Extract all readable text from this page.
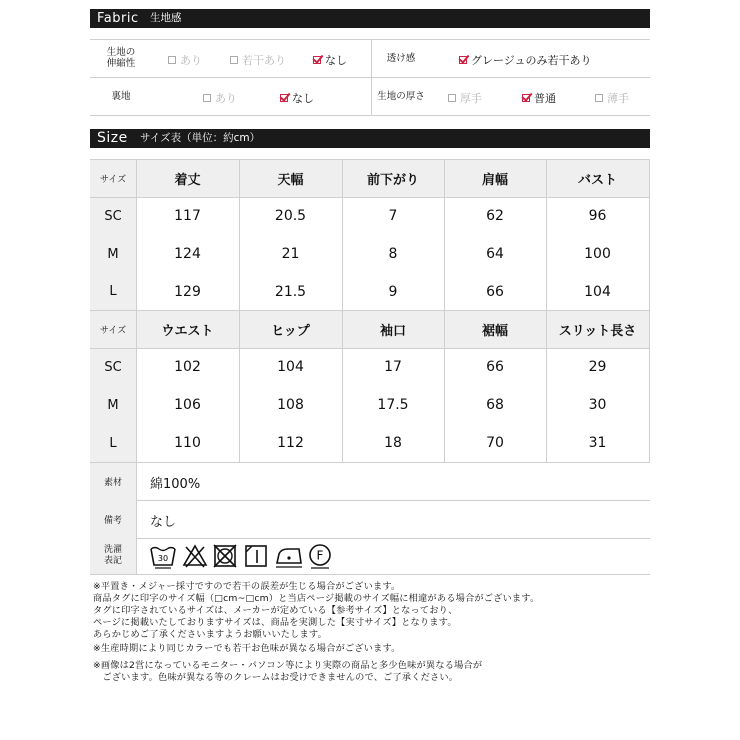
Fabric 生地感
生地の
伸縮性	あり	若干あり	なし	透け感	グレージュのみ若干あり
裏地	あり	なし	生地の厚さ	厚手	普通	薄手
Size サイズ表（単位：約cm）
サイズ	着丈	天幅	前下がり	肩幅	バスト
SC	117	20.5	7	62	96
M	124	21	8	64	100
L	129	21.5	9	66	104
サイズ	ウエスト	ヒップ	袖口	裾幅	スリット長さ
SC	102	104	17	66	29
M	106	108	17.5	68	30
L	110	112	18	70	31
素材	綿100%
備考	なし
洗濯
表記	30	F
※平置き・メジャー採寸ですので若干の誤差が生じる場合がございます。
商品タグに印字のサイズ幅（□cm~□cm）と当店ページ掲載のサイズ幅に相違がある場合がございます。
タグに印字されているサイズは、メーカーが定めている【参考サイズ】となっており、
ページに掲載いたしておりますサイズは、商品を実測した【実寸サイズ】となります。
あらかじめご了承くださいますようお願いいたします。
※生産時期により同じカラーでも若干お色味が異なる場合がございます。
※画像は2営になっているモニター・パソコン等により実際の商品と多少色味が異なる場合が
　ございます。色味が異なる等のクレームはお受けできませんので、ご了承ください。
